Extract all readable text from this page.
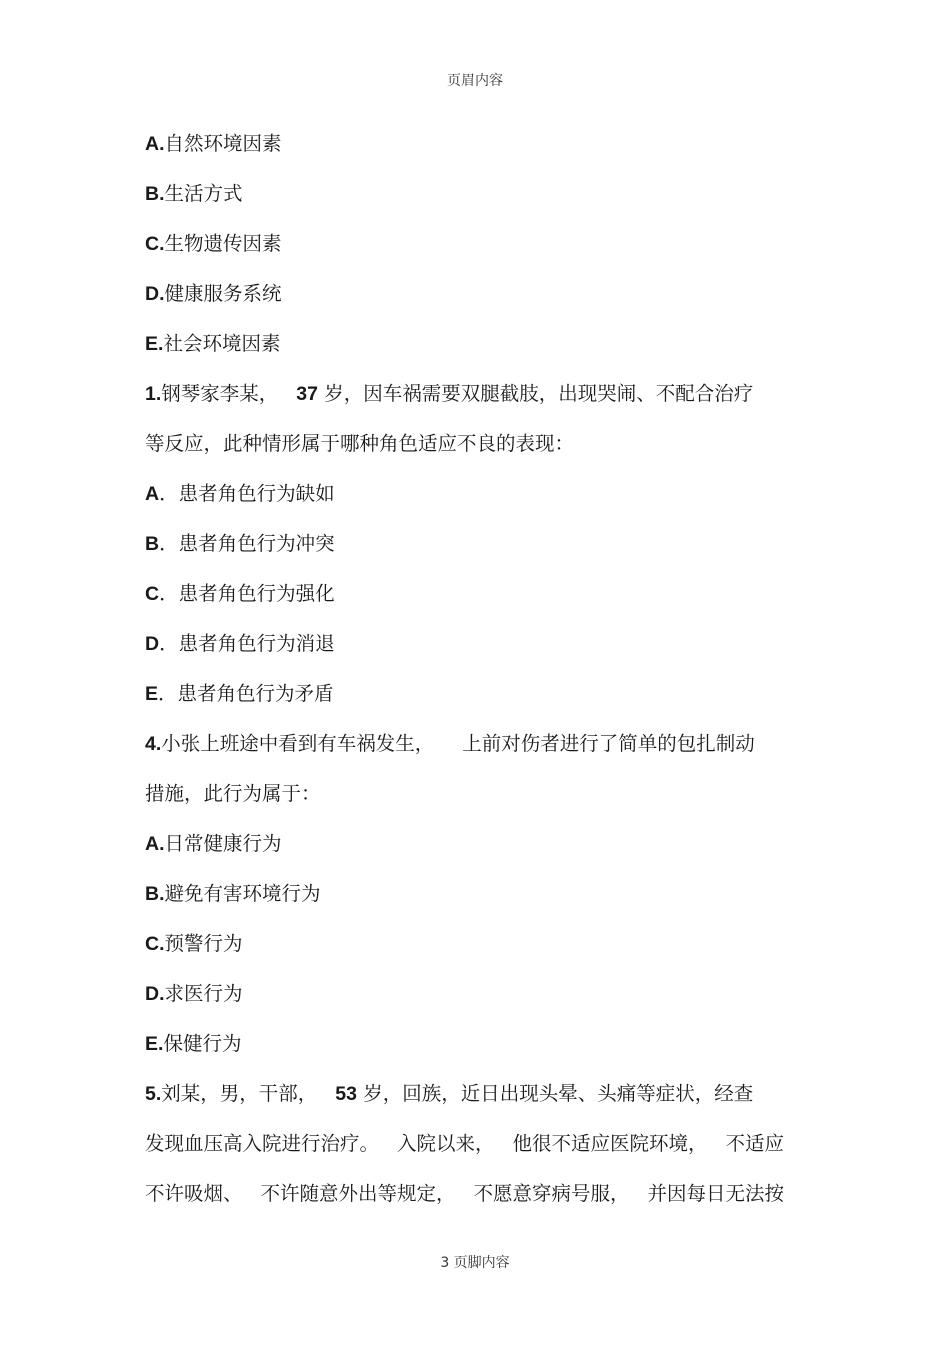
页眉内容
A.自然环境因素
B.生活方式
C.生物遗传因素
D.健康服务系统
E.社会环境因素
1.钢琴家李某， 37 岁，因车祸需要双腿截肢，出现哭闹、不配合治疗
等反应，此种情形属于哪种角色适应不良的表现：
A．患者角色行为缺如
B．患者角色行为冲突
C．患者角色行为强化
D．患者角色行为消退
E．患者角色行为矛盾
4.小张上班途中看到有车祸发生， 上前对伤者进行了简单的包扎制动
措施，此行为属于：
A.日常健康行为
B.避免有害环境行为
C.预警行为
D.求医行为
E.保健行为
5.刘某，男，干部， 53 岁，回族，近日出现头晕、头痛等症状，经查
发现血压高入院进行治疗。 入院以来， 他很不适应医院环境， 不适应
不许吸烟、 不许随意外出等规定， 不愿意穿病号服， 并因每日无法按
3 页脚内容
